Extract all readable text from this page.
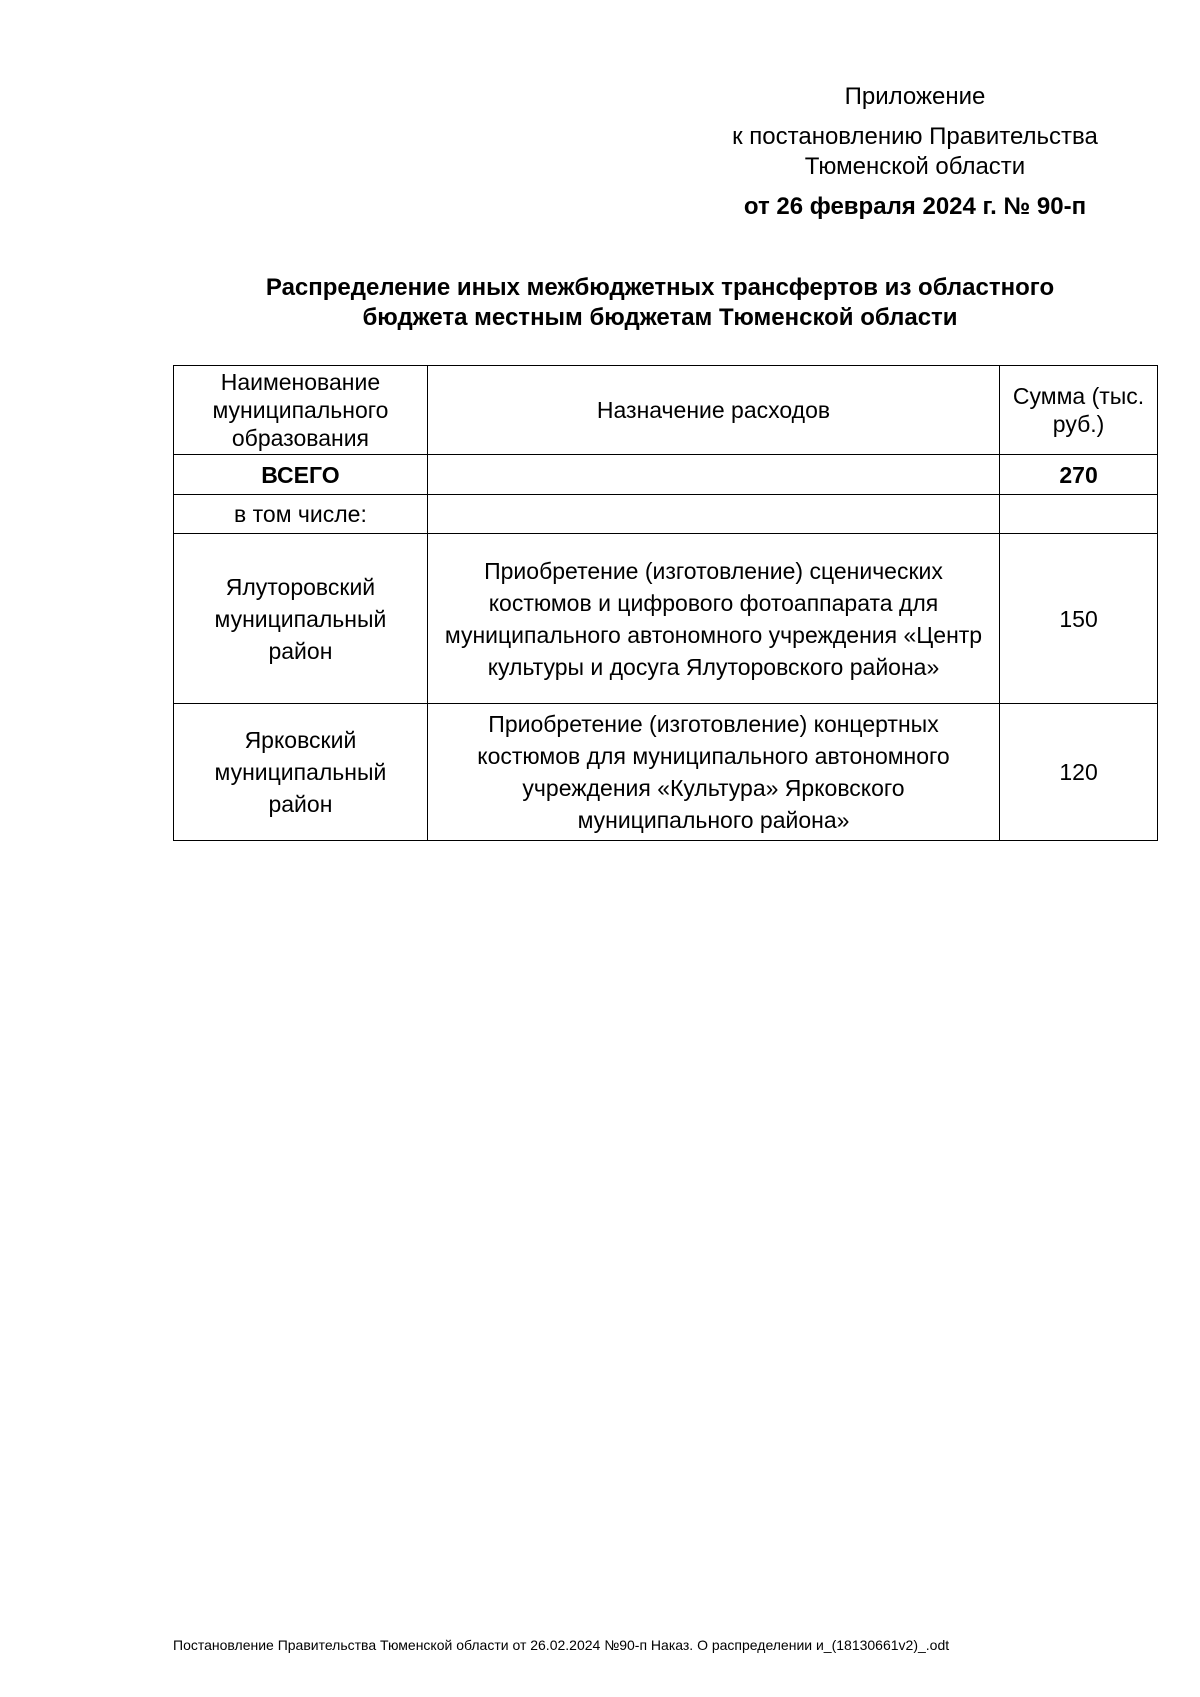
Приложение
к постановлению Правительства
Тюменской области
от 26 февраля 2024 г. № 90-п
Распределение иных межбюджетных трансфертов из областного
бюджета местным бюджетам Тюменской области
Наименование муниципального образования	Назначение расходов	Сумма (тыс. руб.)
ВСЕГО		270
в том числе:		
Ялуторовский муниципальный район	Приобретение (изготовление) сценических костюмов и цифрового фотоаппарата для муниципального автономного учреждения «Центр культуры и досуга Ялуторовского района»	150
Ярковский муниципальный район	Приобретение (изготовление) концертных костюмов для муниципального автономного учреждения «Культура» Ярковского муниципального района»	120
Постановление Правительства Тюменской области от 26.02.2024 №90-п Наказ. О распределении и_(18130661v2)_.odt
